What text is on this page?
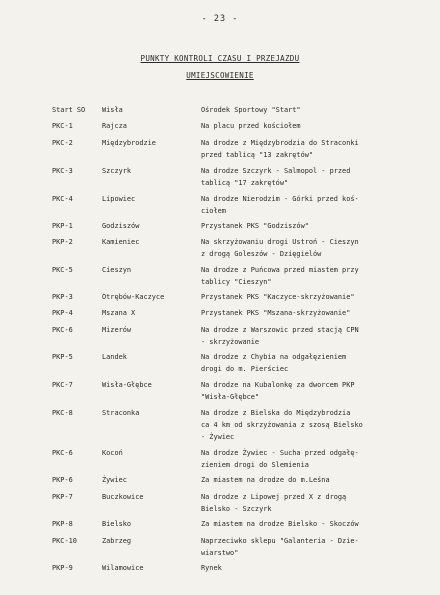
- 23 -
PUNKTY KONTROLI CZASU I PRZEJAZDU
UMIEJSCOWIENIE
Start SO	Wisła	Ośrodek Sportowy "Start"
PKC-1	Rajcza	Na placu przed kościołem
PKC-2	Międzybrodzie	Na drodze z Międzybrodzia do Straconki
przed tablicą "13 zakrętów"
PKC-3	Szczyrk	Na drodze Szczyrk - Salmopol - przed
tablicą "17 zakrętów"
PKC-4	Lipowiec	Na drodze Nierodzim - Górki przed koś-
ciołem
PKP-1	Godziszów	Przystanek PKS "Godziszów"
PKP-2	Kamieniec	Na skrzyżowaniu drogi Ustroń - Cieszyn
z drogą Goleszów - Dzięgielów
PKC-5	Cieszyn	Na drodze z Puńcowa przed miastem przy
tablicy "Cieszyn"
PKP-3	Otrębów-Kaczyce	Przystanek PKS "Kaczyce-skrzyżowanie"
PKP-4	Mszana X	Przystanek PKS "Mszana-skrzyżowanie"
PKC-6	Mizerów	Na drodze z Warszowic przed stacją CPN
- skrzyżowanie
PKP-5	Landek	Na drodze z Chybia na odgałęzieniem
drogi do m. Pierściec
PKC-7	Wisła-Głębce	Na drodze na Kubalonkę za dworcem PKP
"Wisła-Głębce"
PKC-8	Straconka	Na drodze z Bielska do Międzybrodzia
ca 4 km od skrzyżowania z szosą Bielsko
- Żywiec
PKC-6	Kocoń	Na drodze Żywiec - Sucha przed odgałę-
zieniem drogi do Slemienia
PKP-6	Żywiec	Za miastem na drodze do m.Leśna
PKP-7	Buczkowice	Na drodze z Lipowej przed X z drogą
Bielsko - Szczyrk
PKP-8	Bielsko	Za miastem na drodze Bielsko - Skoczów
PKC-10	Zabrzeg	Naprzeciwko sklepu "Galanteria - Dzie-
wiarstwo"
PKP-9	Wilamowice	Rynek
